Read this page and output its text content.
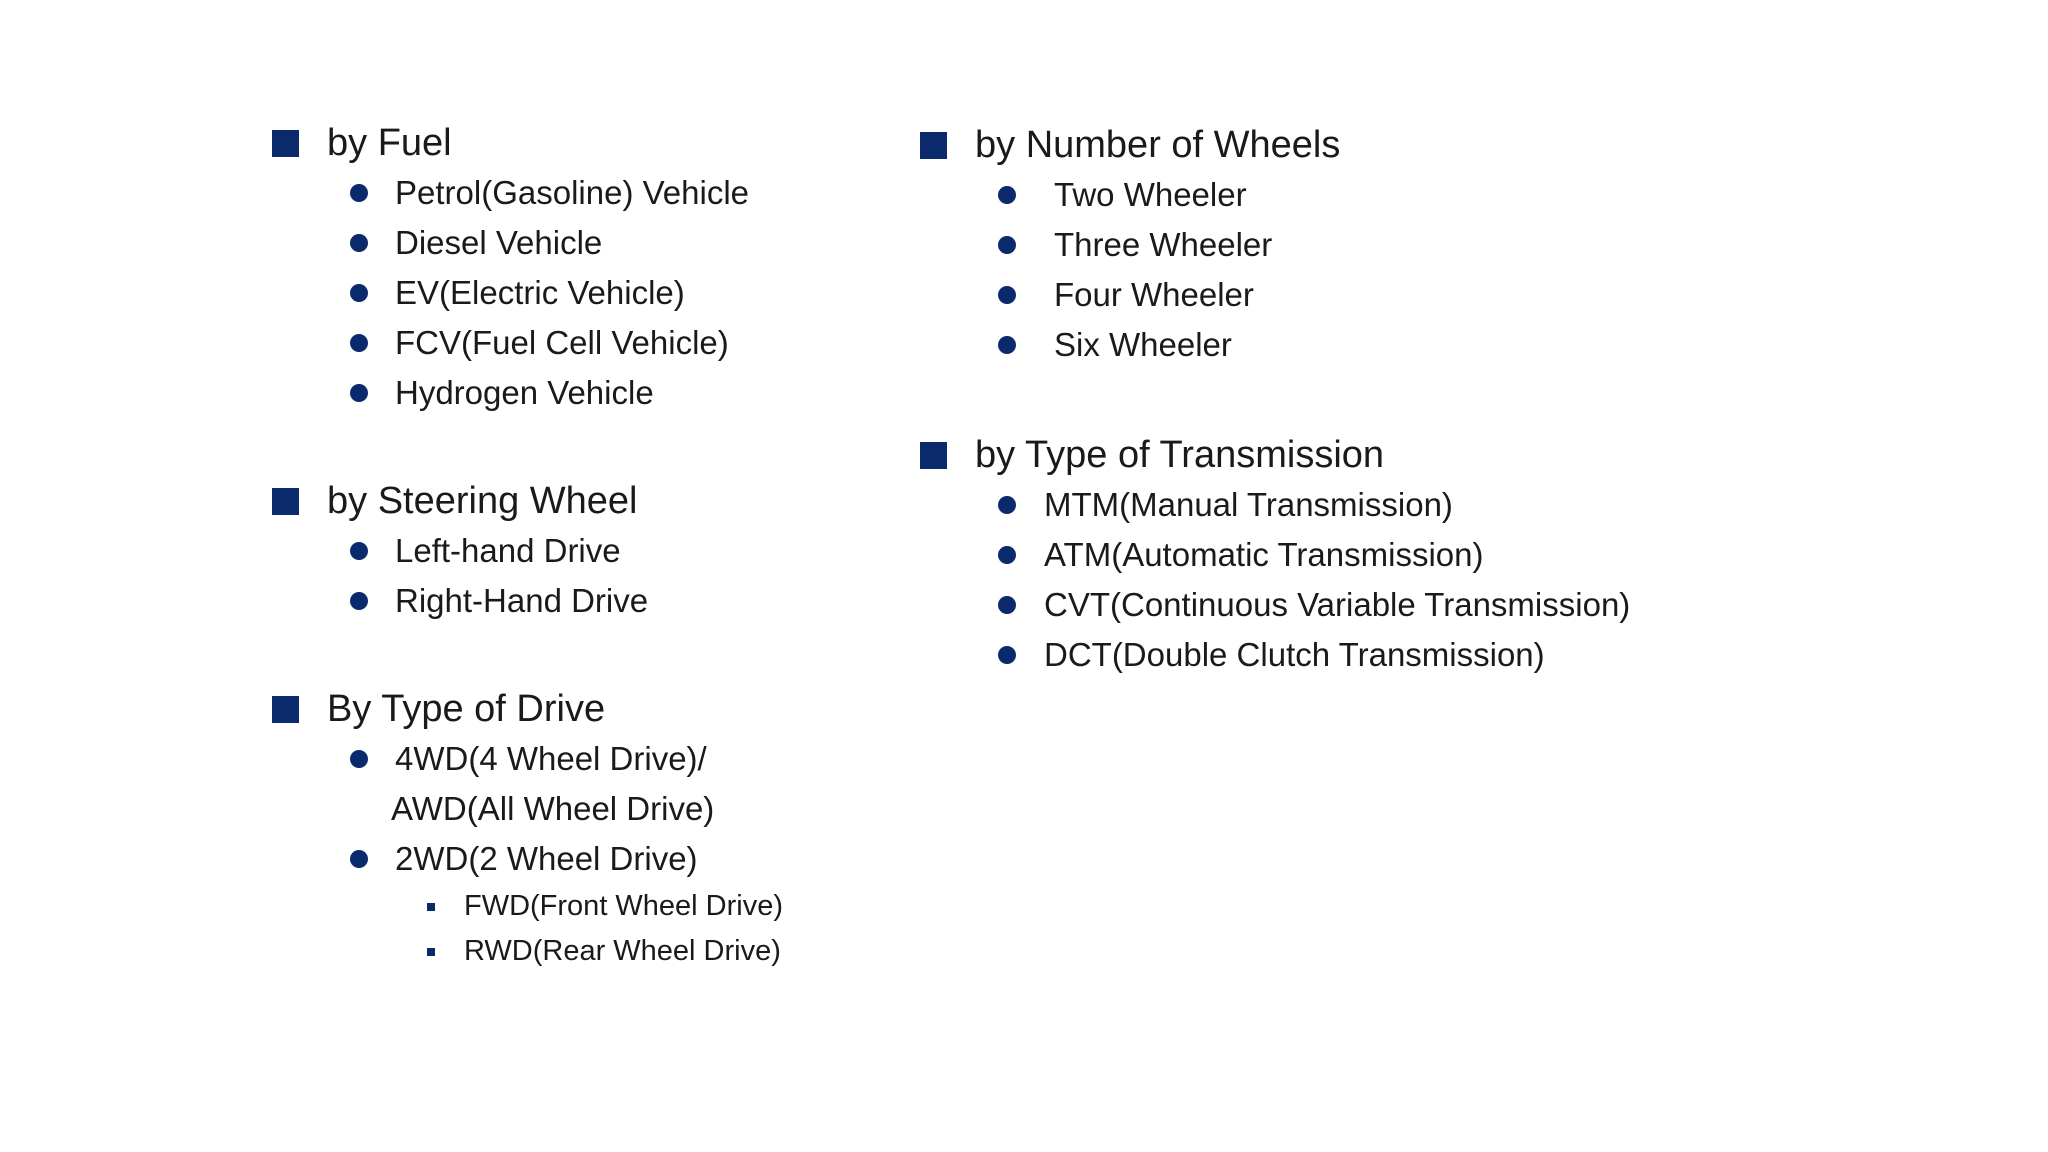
by Fuel
Petrol(Gasoline) Vehicle
Diesel Vehicle
EV(Electric Vehicle)
FCV(Fuel Cell Vehicle)
Hydrogen Vehicle
by Steering Wheel
Left-hand Drive
Right-Hand Drive
By Type of Drive
4WD(4 Wheel Drive)/
AWD(All Wheel Drive)
2WD(2 Wheel Drive)
FWD(Front Wheel Drive)
RWD(Rear Wheel Drive)
by Number of Wheels
Two Wheeler
Three Wheeler
Four Wheeler
Six Wheeler
by Type of Transmission
MTM(Manual Transmission)
ATM(Automatic Transmission)
CVT(Continuous Variable Transmission)
DCT(Double Clutch Transmission)
